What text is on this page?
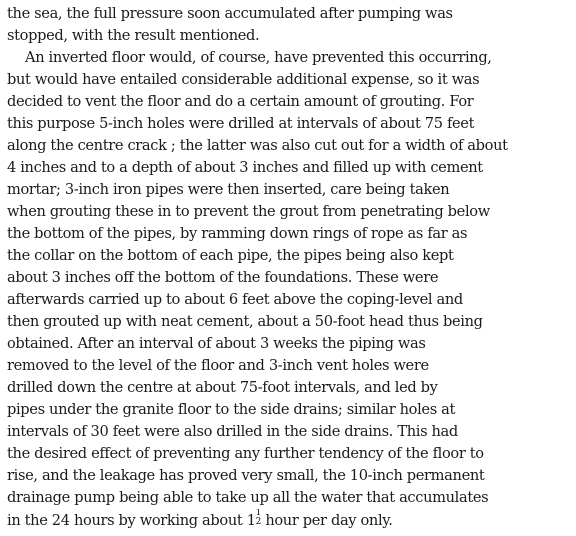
the sea, the full pressure soon accumulated after pumping was
stopped, with the result mentioned.
An inverted floor would, of course, have prevented this occurring,
but would have entailed considerable additional expense, so it was
decided to vent the floor and do a certain amount of grouting. For
this purpose 5-inch holes were drilled at intervals of about 75 feet
along the centre crack ; the latter was also cut out for a width of about
4 inches and to a depth of about 3 inches and filled up with cement
mortar; 3-inch iron pipes were then inserted, care being taken
when grouting these in to prevent the grout from penetrating below
the bottom of the pipes, by ramming down rings of rope as far as
the collar on the bottom of each pipe, the pipes being also kept
about 3 inches off the bottom of the foundations. These were
afterwards carried up to about 6 feet above the coping-level and
then grouted up with neat cement, about a 50-foot head thus being
obtained. After an interval of about 3 weeks the piping was
removed to the level of the floor and 3-inch vent holes were
drilled down the centre at about 75-foot intervals, and led by
pipes under the granite floor to the side drains; similar holes at
intervals of 30 feet were also drilled in the side drains. This had
the desired effect of preventing any further tendency of the floor to
rise, and the leakage has proved very small, the 10-inch permanent
drainage pump being able to take up all the water that accumulates
in the 24 hours by working about 1 1
2 hour per day only.
